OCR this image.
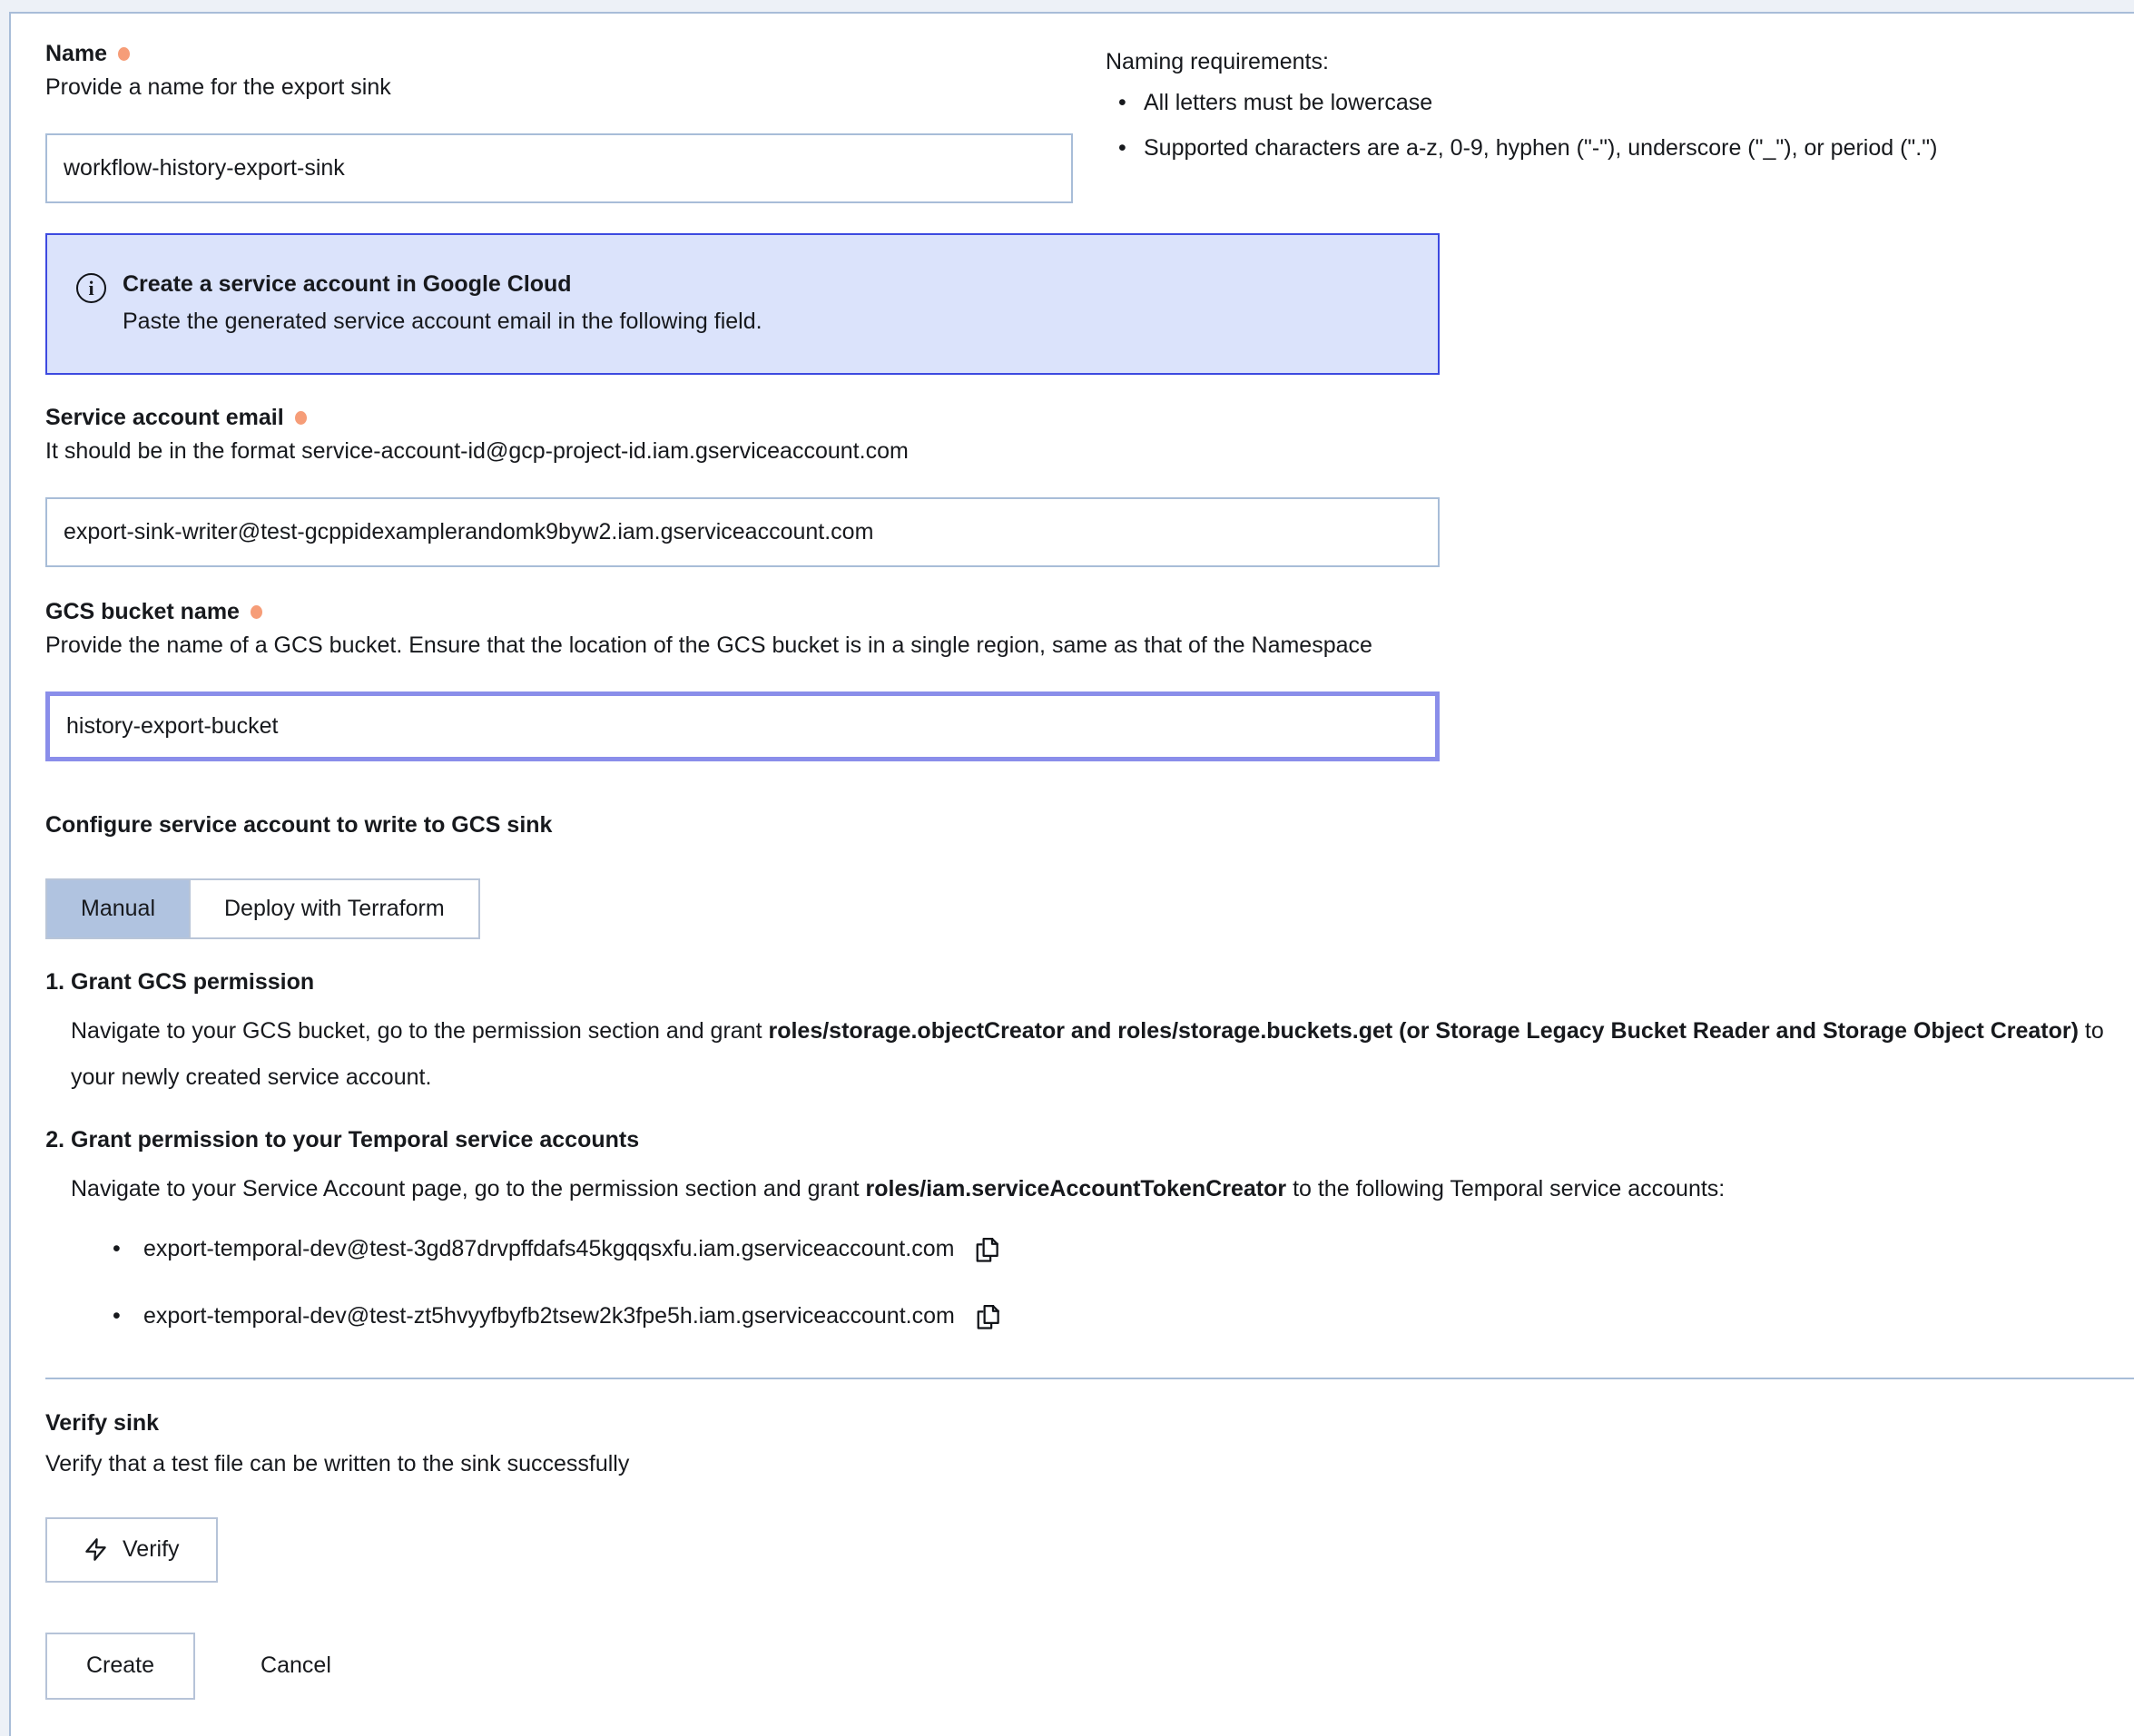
Name

Provide a name for the export sink

workflow-history-export-sink

Naming requirements:

• All letters must be lowercase
• Supported characters are a-z, 0-9, hyphen ("-"), underscore ("_"), or period (".")
i
Create a service account in Google Cloud
Paste the generated service account email in the following field.
Service account email

It should be in the format service-account-id@gcp-project-id.iam.gserviceaccount.com

export-sink-writer@test-gcppidexamplerandomk9byw2.iam.gserviceaccount.com
GCS bucket name

Provide the name of a GCS bucket. Ensure that the location of the GCS bucket is in a single region, same as that of the Namespace

history-export-bucket
Configure service account to write to GCS sink
Manual	Deploy with Terraform
1. Grant GCS permission

Navigate to your GCS bucket, go to the permission section and grant roles/storage.objectCreator and roles/storage.buckets.get (or Storage Legacy Bucket Reader and Storage Object Creator) to your newly created service account.

2. Grant permission to your Temporal service accounts

Navigate to your Service Account page, go to the permission section and grant roles/iam.serviceAccountTokenCreator to the following Temporal service accounts:

• export-temporal-dev@test-3gd87drvpffdafs45kgqqsxfu.iam.gserviceaccount.com
• export-temporal-dev@test-zt5hvyyfbyfb2tsew2k3fpe5h.iam.gserviceaccount.com
Verify sink

Verify that a test file can be written to the sink successfully

Verify
Create	Cancel
